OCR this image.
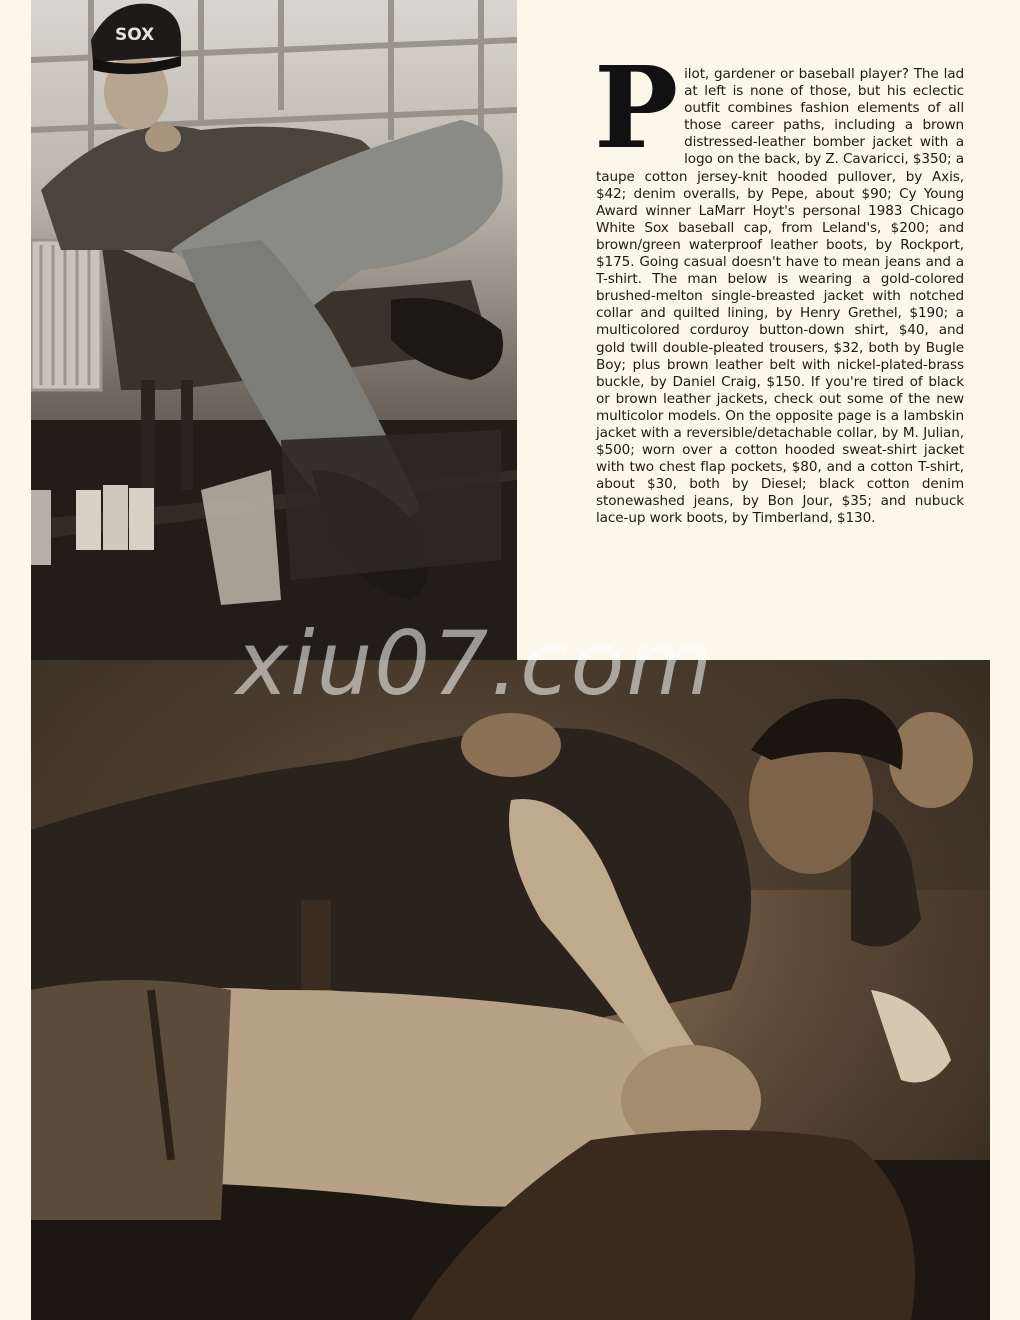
SOX
P ilot, gardener or baseball player? The lad at left is none of those, but his eclectic outfit combines fashion elements of all those career paths, including a brown distressed-leather bomber jacket with a logo on the back, by Z. Cavaricci, $350; a taupe cotton jersey-knit hooded pullover, by Axis, $42; denim overalls, by Pepe, about $90; Cy Young Award winner LaMarr Hoyt's personal 1983 Chicago White Sox baseball cap, from Leland's, $200; and brown/green waterproof leather boots, by Rockport, $175. Going casual doesn't have to mean jeans and a T-shirt. The man below is wearing a gold-colored brushed-melton single-breasted jacket with notched collar and quilted lining, by Henry Grethel, $190; a multicolored corduroy button-down shirt, $40, and gold twill double-pleated trousers, $32, both by Bugle Boy; plus brown leather belt with nickel-plated-brass buckle, by Daniel Craig, $150. If you're tired of black or brown leather jackets, check out some of the new multicolor models. On the opposite page is a lambskin jacket with a reversible/detachable collar, by M. Julian, $500; worn over a cotton hooded sweat-shirt jacket with two chest flap pockets, $80, and a cotton T-shirt, about $30, both by Diesel; black cotton denim stonewashed jeans, by Bon Jour, $35; and nubuck lace-up work boots, by Timberland, $130.
xiu07.com
